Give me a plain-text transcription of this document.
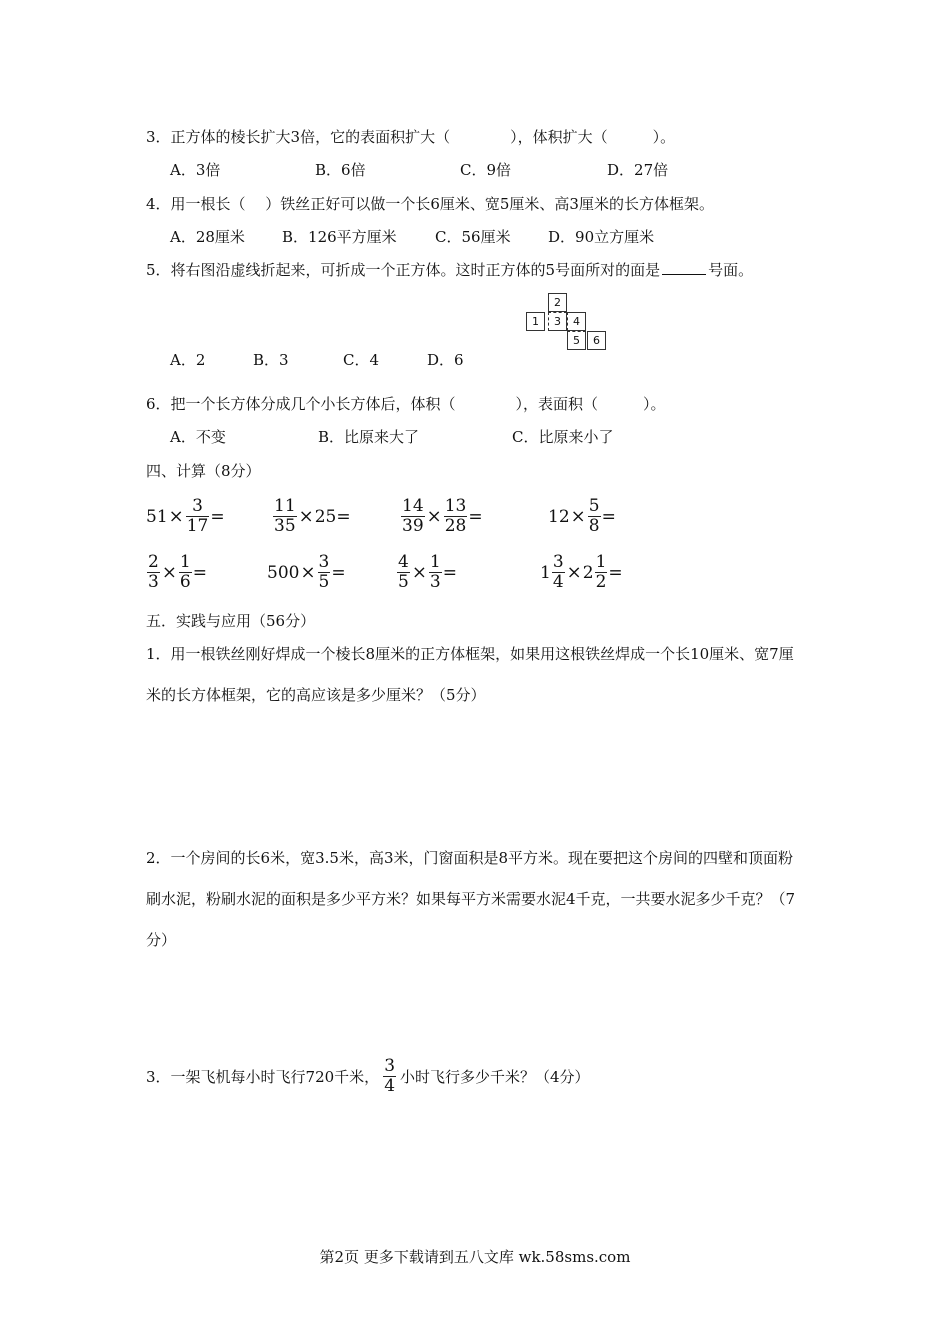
3．正方体的棱长扩大3倍，它的表面积扩大（　　　　），体积扩大（　　　）。
A．3倍	B．6倍	C．9倍	D．27倍
4．用一根长（　 ）铁丝正好可以做一个长6厘米、宽5厘米、高3厘米的长方体框架。
A．28厘米 B．126平方厘米	C．56厘米 D．90立方厘米
5．将右图沿虚线折起来，可折成一个正方体。这时正方体的5号面所对的面是	号面。
2
1	3	4
5	6
A．2	B．3	C．4	D．6
6．把一个长方体分成几个小长方体后，体积（　　　　），表面积（　　　）。
A．不变	B．比原来大了	C．比原来小了
四、计算（8分）
$51 \times \frac{3}{17}$ =	$\frac{11}{35} \times 25$ =	$\frac{14}{39} \times \frac{13}{28}$ =	$12 \times \frac{5}{8}$ =
$\frac{2}{3} \times \frac{1}{6}$ =	$500 \times \frac{3}{5}$ =	$\frac{4}{5} \times \frac{1}{3}$ =	$1 \frac{3}{4} \times 2 \frac{1}{2}$ =
五．实践与应用（56分）
1．用一根铁丝刚好焊成一个棱长8厘米的正方体框架，如果用这根铁丝焊成一个长10厘米、宽7厘米的长方体框架，它的高应该是多少厘米？（5分）
2．一个房间的长6米，宽3.5米，高3米，门窗面积是8平方米。现在要把这个房间的四壁和顶面粉刷水泥，粉刷水泥的面积是多少平方米？如果每平方米需要水泥4千克，一共要水泥多少千克？（7分）
3．一架飞机每小时飞行720千米， $\frac{3}{4}$ 小时飞行多少千米？（4分）
第2页 更多下载请到五八文库 wk.58sms.com
